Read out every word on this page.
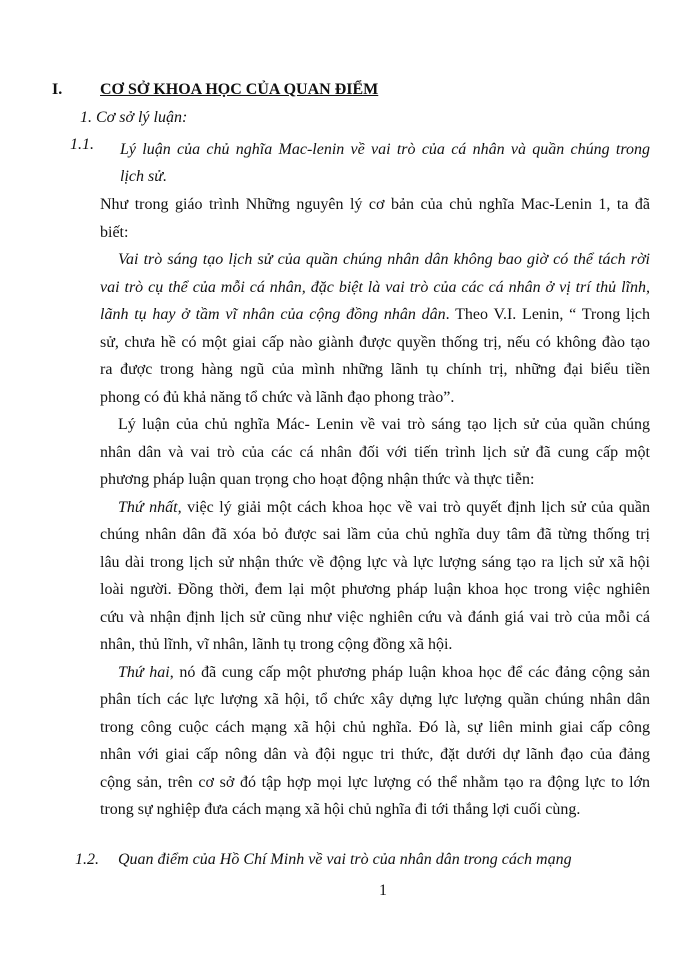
I. CƠ SỞ KHOA HỌC CỦA QUAN ĐIỂM
1. Cơ sở lý luận:
1.1. Lý luận của chủ nghĩa Mac-lenin về vai trò của cá nhân và quần chúng trong
lịch sử.
Như trong giáo trình Những nguyên lý cơ bản của chủ nghĩa Mac-Lenin 1, ta đã
biết:
Vai trò sáng tạo lịch sử của quần chúng nhân dân không bao giờ có thể tách rời
vai trò cụ thể của mỗi cá nhân, đặc biệt là vai trò của các cá nhân ở vị trí thủ lĩnh,
lãnh tụ hay ở tầm vĩ nhân của cộng đồng nhân dân. Theo V.I. Lenin, “ Trong lịch
sử, chưa hề có một giai cấp nào giành được quyền thống trị, nếu có không đào tạo
ra được trong hàng ngũ của mình những lãnh tụ chính trị, những đại biểu tiền
phong có đủ khả năng tổ chức và lãnh đạo phong trào”.
Lý luận của chủ nghĩa Mác- Lenin về vai trò sáng tạo lịch sử của quần chúng
nhân dân và vai trò của các cá nhân đối với tiến trình lịch sử đã cung cấp một
phương pháp luận quan trọng cho hoạt động nhận thức và thực tiễn:
Thứ nhất, việc lý giải một cách khoa học về vai trò quyết định lịch sử của quần
chúng nhân dân đã xóa bỏ được sai lầm của chủ nghĩa duy tâm đã từng thống trị
lâu dài trong lịch sử nhận thức về động lực và lực lượng sáng tạo ra lịch sử xã hội
loài người. Đồng thời, đem lại một phương pháp luận khoa học trong việc nghiên
cứu và nhận định lịch sử cũng như việc nghiên cứu và đánh giá vai trò của mỗi cá
nhân, thủ lĩnh, vĩ nhân, lãnh tụ trong cộng đồng xã hội.
Thứ hai, nó đã cung cấp một phương pháp luận khoa học để các đảng cộng sản
phân tích các lực lượng xã hội, tổ chức xây dựng lực lượng quần chúng nhân dân
trong công cuộc cách mạng xã hội chủ nghĩa. Đó là, sự liên minh giai cấp công
nhân với giai cấp nông dân và đội ngục tri thức, đặt dưới dự lãnh đạo của đảng
cộng sản, trên cơ sở đó tập hợp mọi lực lượng có thể nhằm tạo ra động lực to lớn
trong sự nghiệp đưa cách mạng xã hội chủ nghĩa đi tới thắng lợi cuối cùng.
1.2. Quan điểm của Hồ Chí Minh về vai trò của nhân dân trong cách mạng
1
